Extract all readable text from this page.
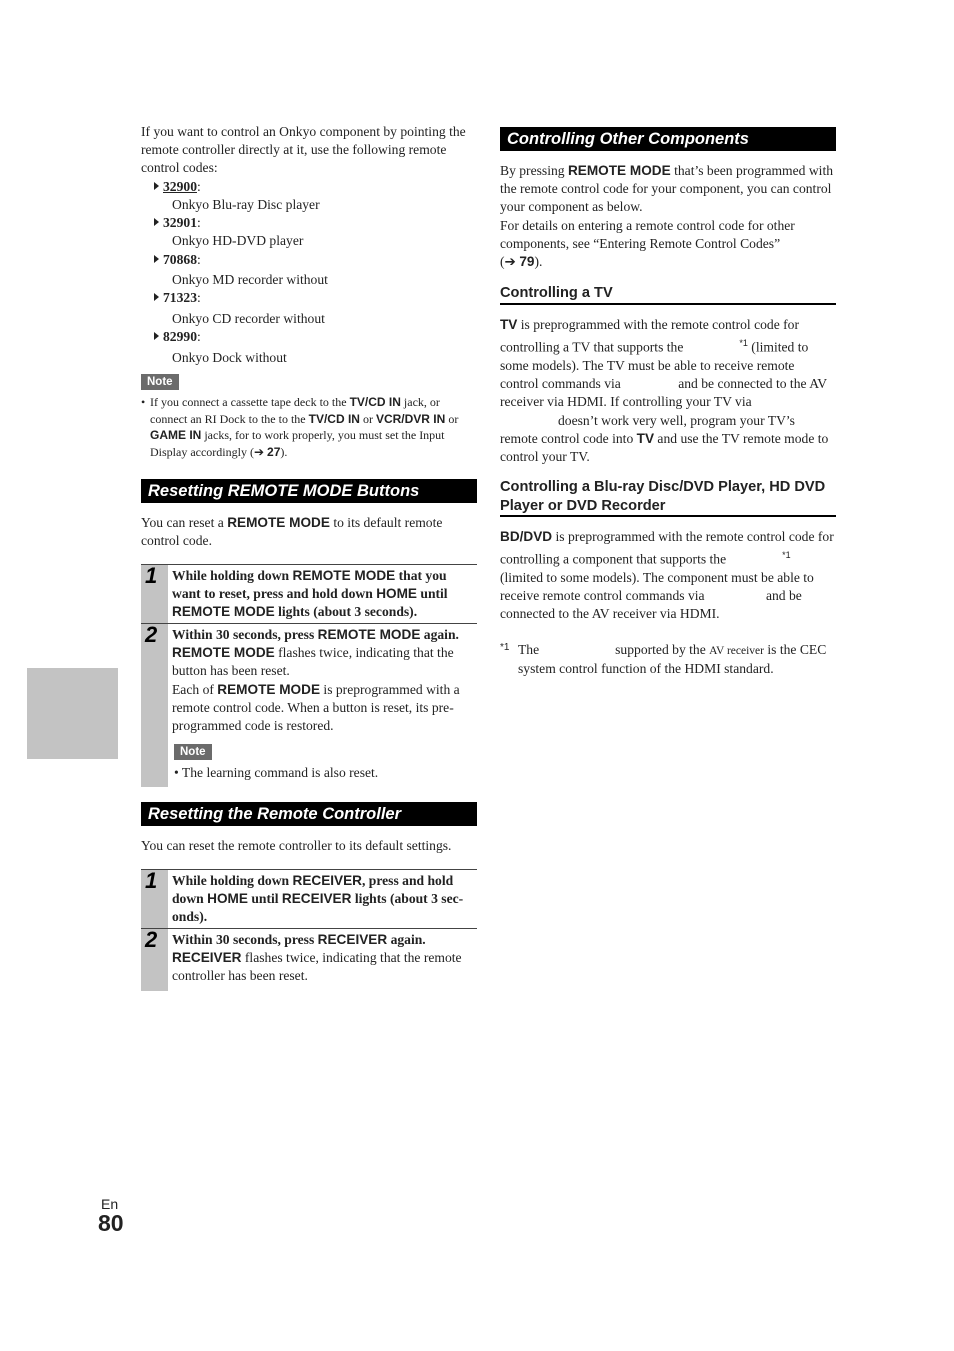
If you want to control an Onkyo component by pointing the remote controller directly at it, use the following remote control codes:
32900:
Onkyo Blu-ray Disc player
32901:
Onkyo HD-DVD player
70868:
Onkyo MD recorder without
71323:
Onkyo CD recorder without
82990:
Onkyo Dock without
Note
• If you connect a cassette tape deck to the TV/CD IN jack, or connect an RI Dock to the to the TV/CD IN or VCR/DVR IN or GAME IN jacks, for to work properly, you must set the Input Display accordingly (➔ 27).
Resetting REMOTE MODE Buttons
You can reset a REMOTE MODE to its default remote control code.
1 While holding down REMOTE MODE that you want to reset, press and hold down HOME until REMOTE MODE lights (about 3 seconds).
2 Within 30 seconds, press REMOTE MODE again.
REMOTE MODE flashes twice, indicating that the button has been reset.
Each of REMOTE MODE is preprogrammed with a remote control code. When a button is reset, its pre-programmed code is restored.
Note
• The learning command is also reset.
Resetting the Remote Controller
You can reset the remote controller to its default settings.
1 While holding down RECEIVER, press and hold down HOME until RECEIVER lights (about 3 sec-onds).
2 Within 30 seconds, press RECEIVER again.
RECEIVER flashes twice, indicating that the remote controller has been reset.
Controlling Other Components
By pressing REMOTE MODE that’s been programmed with the remote control code for your component, you can control your component as below.
For details on entering a remote control code for other components, see “Entering Remote Control Codes”
(➔ 79).
Controlling a TV
TV is preprogrammed with the remote control code for controlling a TV that supports the	$^{*1}$ (limited to some models). The TV must be able to receive remote control commands via	and be connected to the AV receiver via HDMI. If controlling your TV via
doesn’t work very well, program your TV’s remote control code into TV and use the TV remote mode to control your TV.
Controlling a Blu-ray Disc/DVD Player, HD DVD Player or DVD Recorder
BD/DVD is preprogrammed with the remote control code for controlling a component that supports the	$^{*1}$ (limited to some models). The component must be able to receive remote control commands via	and be connected to the AV receiver via HDMI.
*1 The	supported by the AV receiver is the CEC system control function of the HDMI standard.
En
80
